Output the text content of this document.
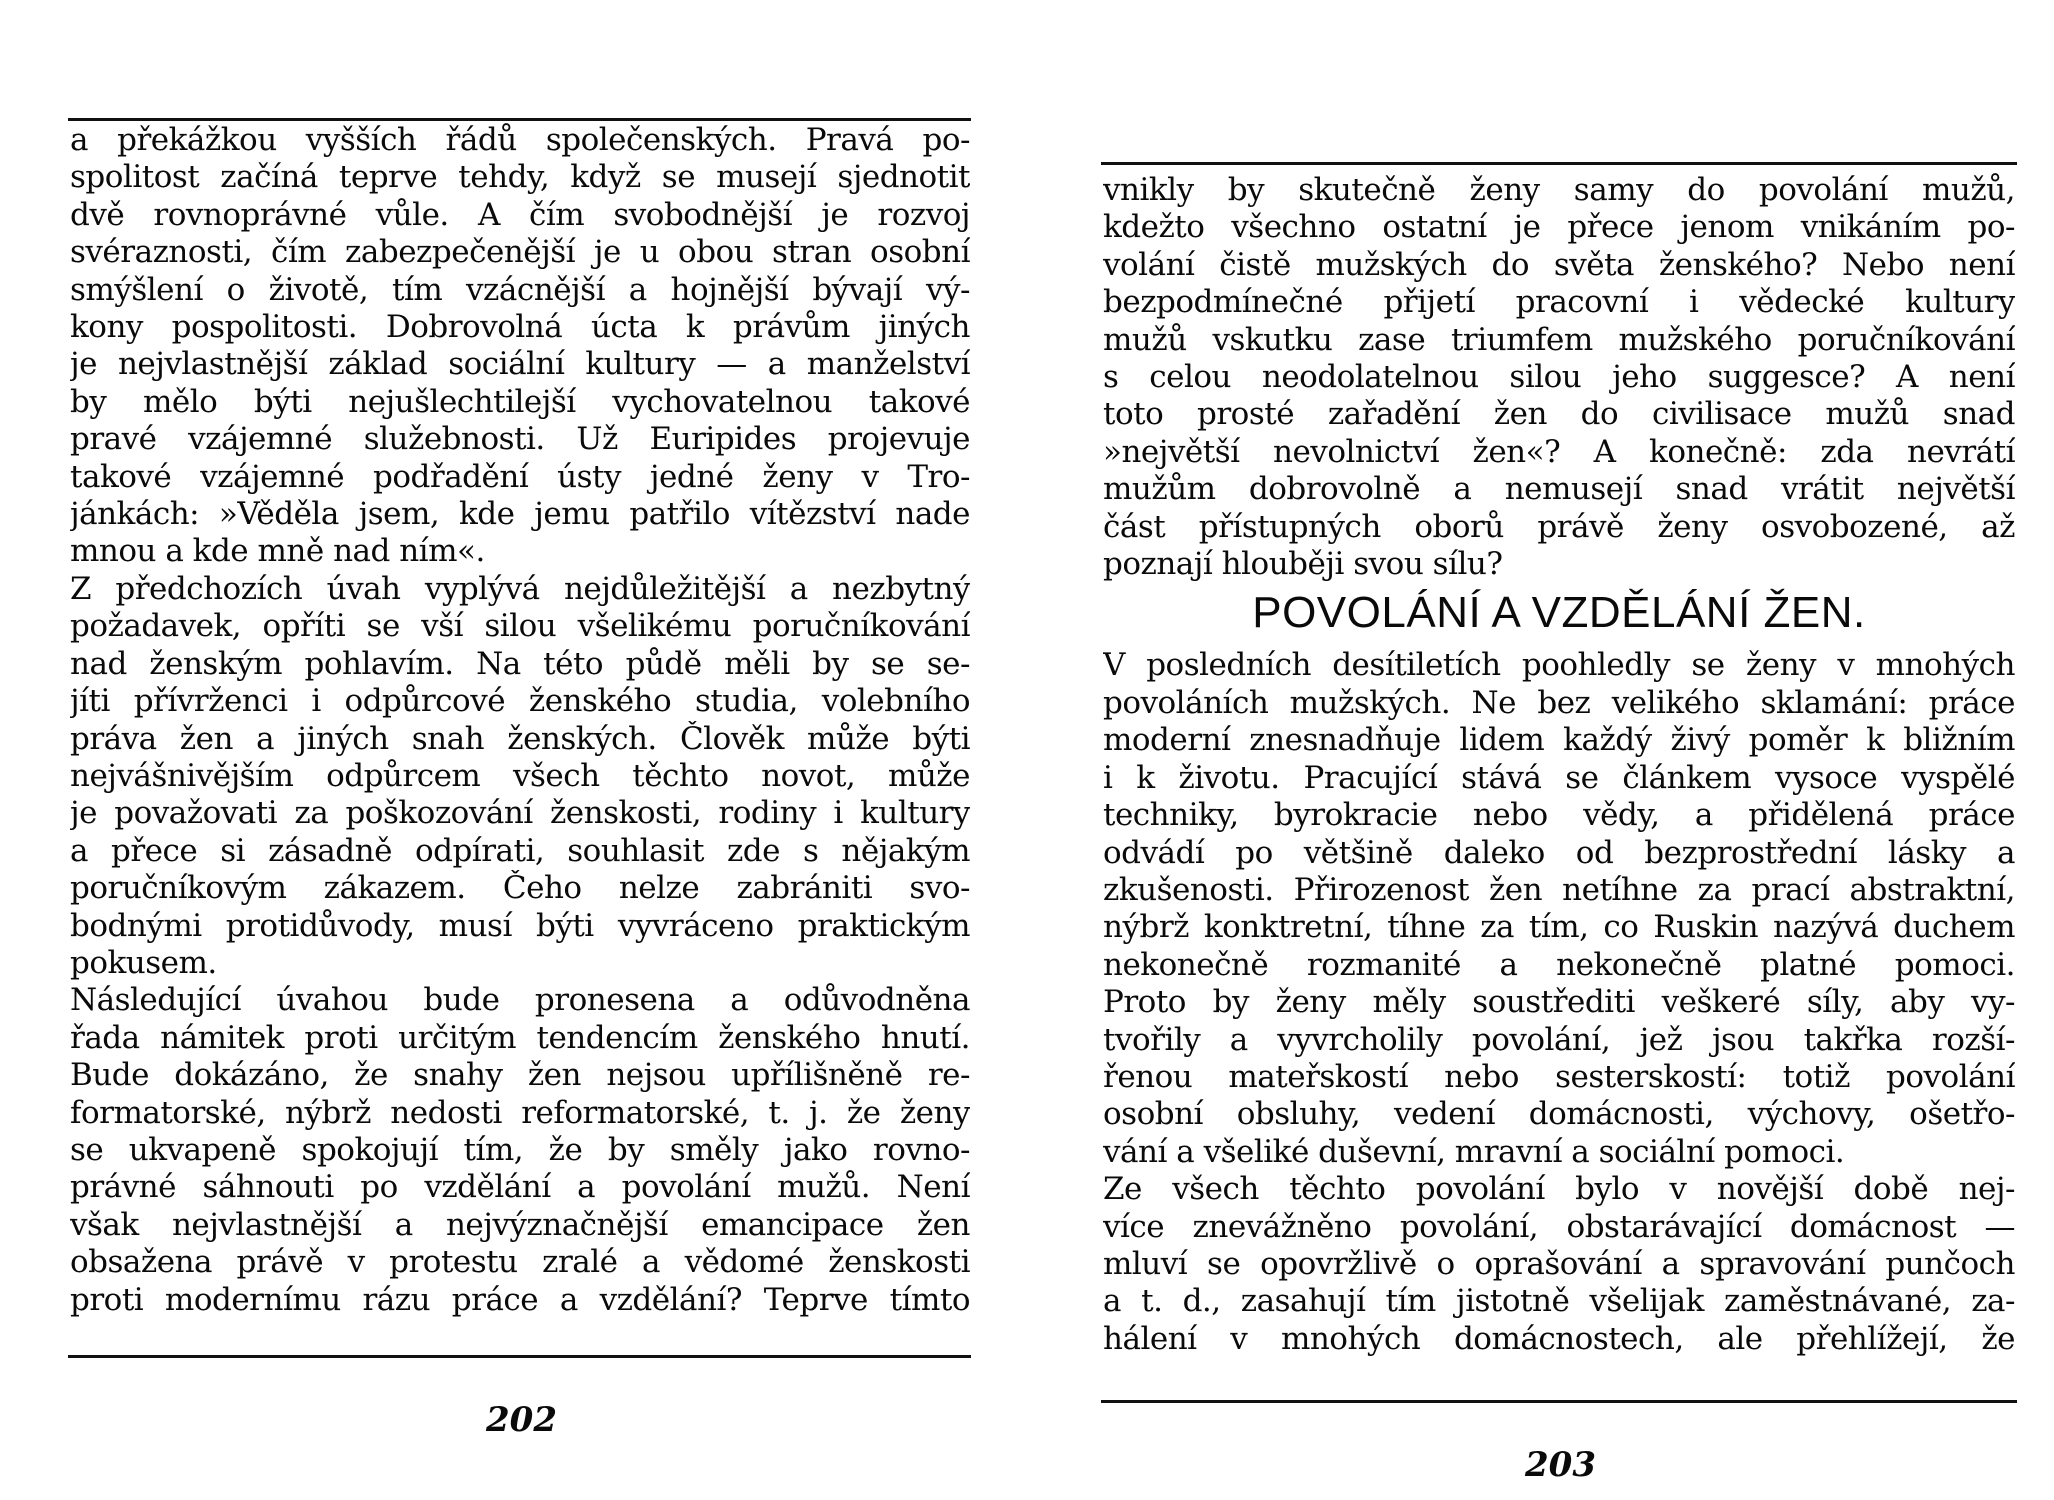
a překážkou vyšších řádů společenských. Pravá po-
spolitost začíná teprve tehdy, když se musejí sjednotit
dvě rovnoprávné vůle. A čím svobodnější je rozvoj
svéraznosti, čím zabezpečenější je u obou stran osobní
smýšlení o životě, tím vzácnější a hojnější bývají vý-
kony pospolitosti. Dobrovolná úcta k právům jiných
je nejvlastnější základ sociální kultury — a manželství
by mělo býti nejušlechtilejší vychovatelnou takové
pravé vzájemné služebnosti. Už Euripides projevuje
takové vzájemné podřadění ústy jedné ženy v Tro-
jánkách: »Věděla jsem, kde jemu patřilo vítězství nade
mnou a kde mně nad ním«.
Z předchozích úvah vyplývá nejdůležitější a nezbytný
požadavek, opříti se vší silou všelikému poručníkování
nad ženským pohlavím. Na této půdě měli by se se-
jíti přívrženci i odpůrcové ženského studia, volebního
práva žen a jiných snah ženských. Člověk může býti
nejvášnivějším odpůrcem všech těchto novot, může
je považovati za poškozování ženskosti, rodiny i kultury
a přece si zásadně odpírati, souhlasit zde s nějakým
poručníkovým zákazem. Čeho nelze zabrániti svo-
bodnými protidůvody, musí býti vyvráceno praktickým
pokusem.
Následující úvahou bude pronesena a odůvodněna
řada námitek proti určitým tendencím ženského hnutí.
Bude dokázáno, že snahy žen nejsou upřílišněně re-
formatorské, nýbrž nedosti reformatorské, t. j. že ženy
se ukvapeně spokojují tím, že by směly jako rovno-
právné sáhnouti po vzdělání a povolání mužů. Není
však nejvlastnější a nejvýznačnější emancipace žen
obsažena právě v protestu zralé a vědomé ženskosti
proti modernímu rázu práce a vzdělání? Teprve tímto
202
vnikly by skutečně ženy samy do povolání mužů,
kdežto všechno ostatní je přece jenom vnikáním po-
volání čistě mužských do světa ženského? Nebo není
bezpodmínečné přijetí pracovní i vědecké kultury
mužů vskutku zase triumfem mužského poručníkování
s celou neodolatelnou silou jeho suggesce? A není
toto prosté zařadění žen do civilisace mužů snad
»největší nevolnictví žen«? A konečně: zda nevrátí
mužům dobrovolně a nemusejí snad vrátit největší
část přístupných oborů právě ženy osvobozené, až
poznají hlouběji svou sílu?
POVOLÁNÍ A VZDĚLÁNÍ ŽEN.
V posledních desítiletích poohledly se ženy v mnohých
povoláních mužských. Ne bez velikého sklamání: práce
moderní znesnadňuje lidem každý živý poměr k bližním
i k životu. Pracující stává se článkem vysoce vyspělé
techniky, byrokracie nebo vědy, a přidělená práce
odvádí po většině daleko od bezprostřední lásky a
zkušenosti. Přirozenost žen netíhne za prací abstraktní,
nýbrž konktretní, tíhne za tím, co Ruskin nazývá duchem
nekonečně rozmanité a nekonečně platné pomoci.
Proto by ženy měly soustřediti veškeré síly, aby vy-
tvořily a vyvrcholily povolání, jež jsou takřka rozší-
řenou mateřskostí nebo sesterskostí: totiž povolání
osobní obsluhy, vedení domácnosti, výchovy, ošetřo-
vání a všeliké duševní, mravní a sociální pomoci.
Ze všech těchto povolání bylo v novější době nej-
více znevážněno povolání, obstarávající domácnost —
mluví se opovržlivě o oprašování a spravování punčoch
a t. d., zasahují tím jistotně všelijak zaměstnávané, za-
hálení v mnohých domácnostech, ale přehlížejí, že
203
